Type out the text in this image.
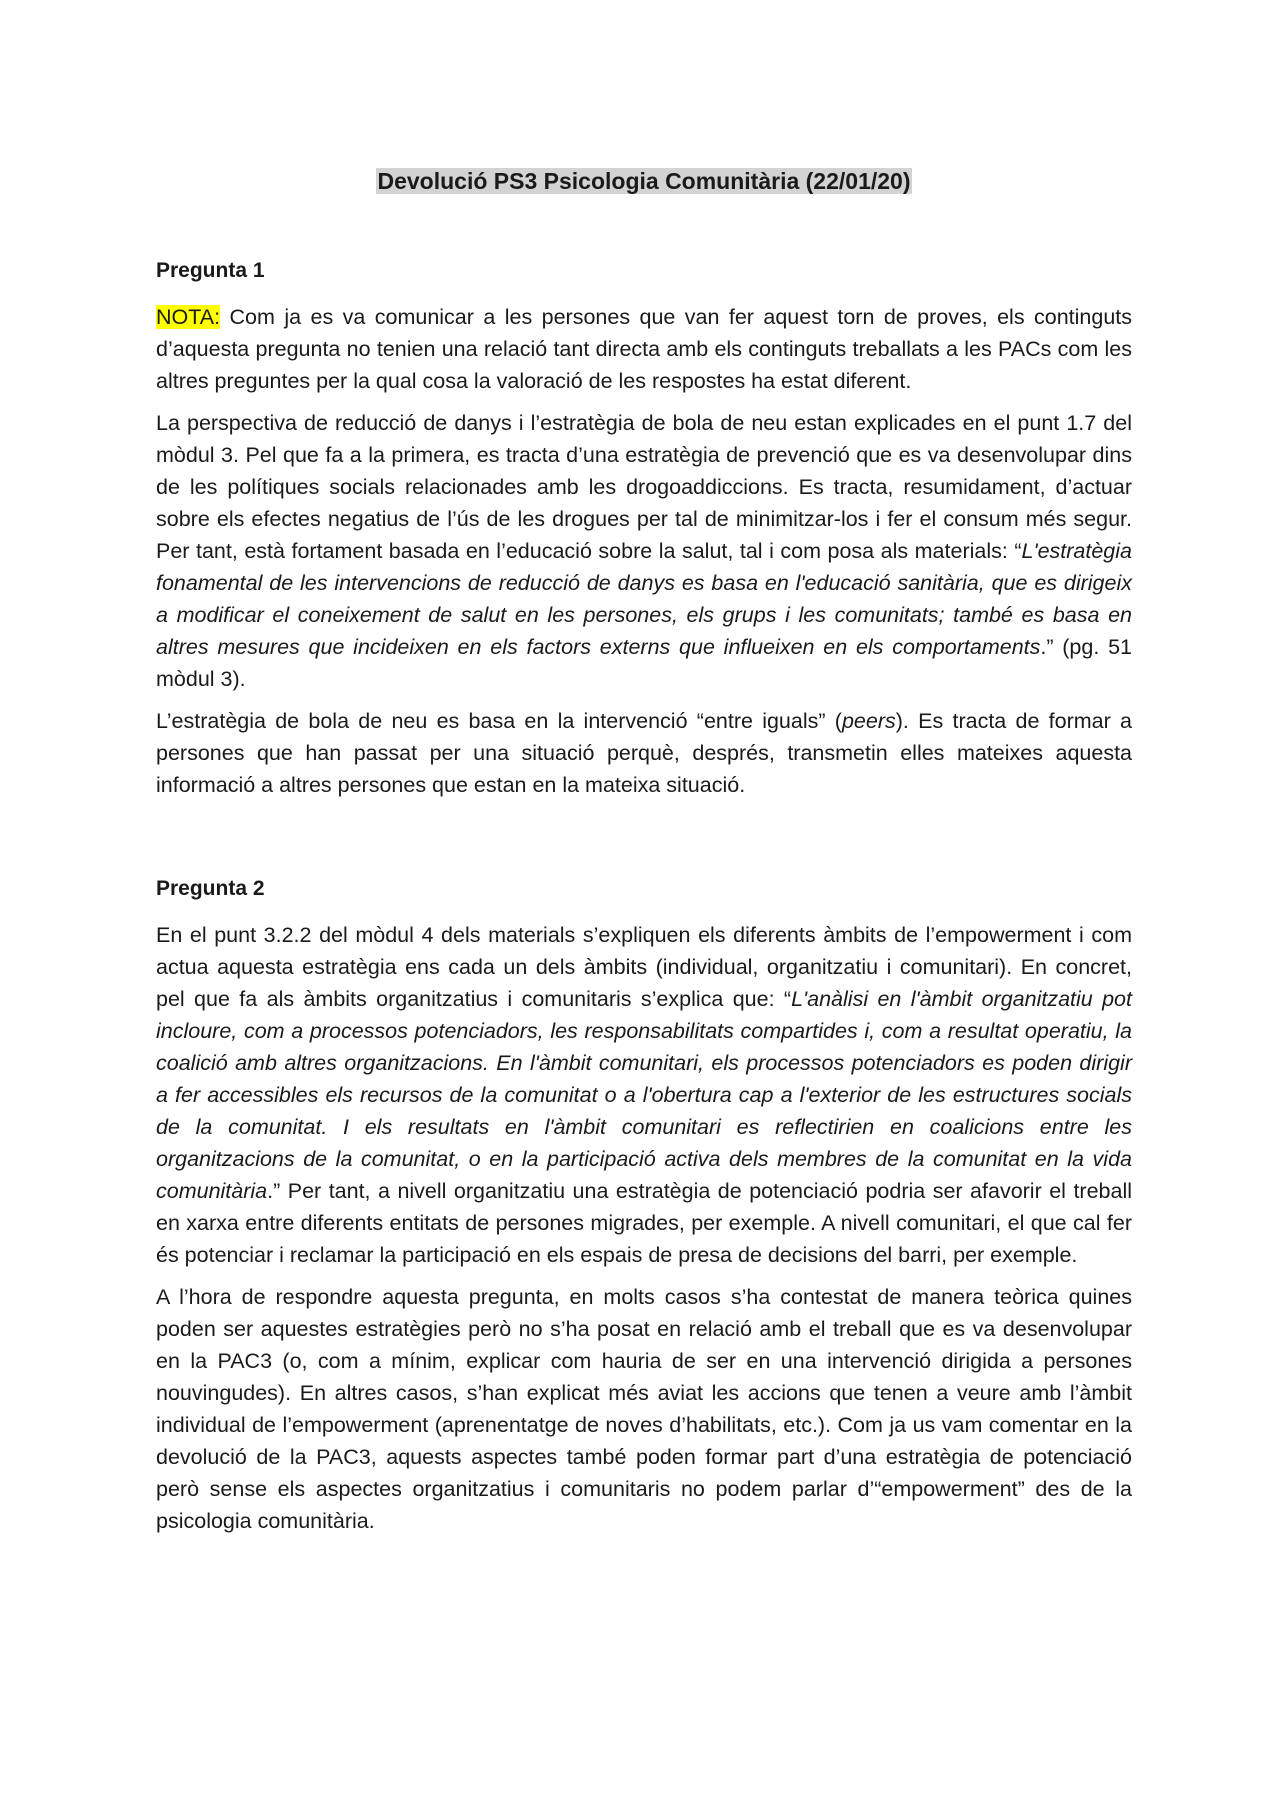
Devolució PS3 Psicologia Comunitària (22/01/20)
Pregunta 1

NOTA: Com ja es va comunicar a les persones que van fer aquest torn de proves, els continguts d’aquesta pregunta no tenien una relació tant directa amb els continguts treballats a les PACs com les altres preguntes per la qual cosa la valoració de les respostes ha estat diferent.

La perspectiva de reducció de danys i l’estratègia de bola de neu estan explicades en el punt 1.7 del mòdul 3. Pel que fa a la primera, es tracta d’una estratègia de prevenció que es va desenvolupar dins de les polítiques socials relacionades amb les drogoaddiccions. Es tracta, resumidament, d’actuar sobre els efectes negatius de l’ús de les drogues per tal de minimitzar-los i fer el consum més segur. Per tant, està fortament basada en l’educació sobre la salut, tal i com posa als materials: “L'estratègia fonamental de les intervencions de reducció de danys es basa en l'educació sanitària, que es dirigeix a modificar el coneixement de salut en les persones, els grups i les comunitats; també es basa en altres mesures que incideixen en els factors externs que influeixen en els comportaments.” (pg. 51 mòdul 3).

L’estratègia de bola de neu es basa en la intervenció “entre iguals” (peers). Es tracta de formar a persones que han passat per una situació perquè, després, transmetin elles mateixes aquesta informació a altres persones que estan en la mateixa situació.

Pregunta 2

En el punt 3.2.2 del mòdul 4 dels materials s’expliquen els diferents àmbits de l’empowerment i com actua aquesta estratègia ens cada un dels àmbits (individual, organitzatiu i comunitari). En concret, pel que fa als àmbits organitzatius i comunitaris s’explica que: “L'anàlisi en l'àmbit organitzatiu pot incloure, com a processos potenciadors, les responsabilitats compartides i, com a resultat operatiu, la coalició amb altres organitzacions. En l'àmbit comunitari, els processos potenciadors es poden dirigir a fer accessibles els recursos de la comunitat o a l'obertura cap a l'exterior de les estructures socials de la comunitat. I els resultats en l'àmbit comunitari es reflectirien en coalicions entre les organitzacions de la comunitat, o en la participació activa dels membres de la comunitat en la vida comunitària.” Per tant, a nivell organitzatiu una estratègia de potenciació podria ser afavorir el treball en xarxa entre diferents entitats de persones migrades, per exemple. A nivell comunitari, el que cal fer és potenciar i reclamar la participació en els espais de presa de decisions del barri, per exemple.

A l’hora de respondre aquesta pregunta, en molts casos s’ha contestat de manera teòrica quines poden ser aquestes estratègies però no s’ha posat en relació amb el treball que es va desenvolupar en la PAC3 (o, com a mínim, explicar com hauria de ser en una intervenció dirigida a persones nouvingudes). En altres casos, s’han explicat més aviat les accions que tenen a veure amb l’àmbit individual de l’empowerment (aprenentatge de noves d’habilitats, etc.). Com ja us vam comentar en la devolució de la PAC3, aquests aspectes també poden formar part d’una estratègia de potenciació però sense els aspectes organitzatius i comunitaris no podem parlar d’“empowerment” des de la psicologia comunitària.
